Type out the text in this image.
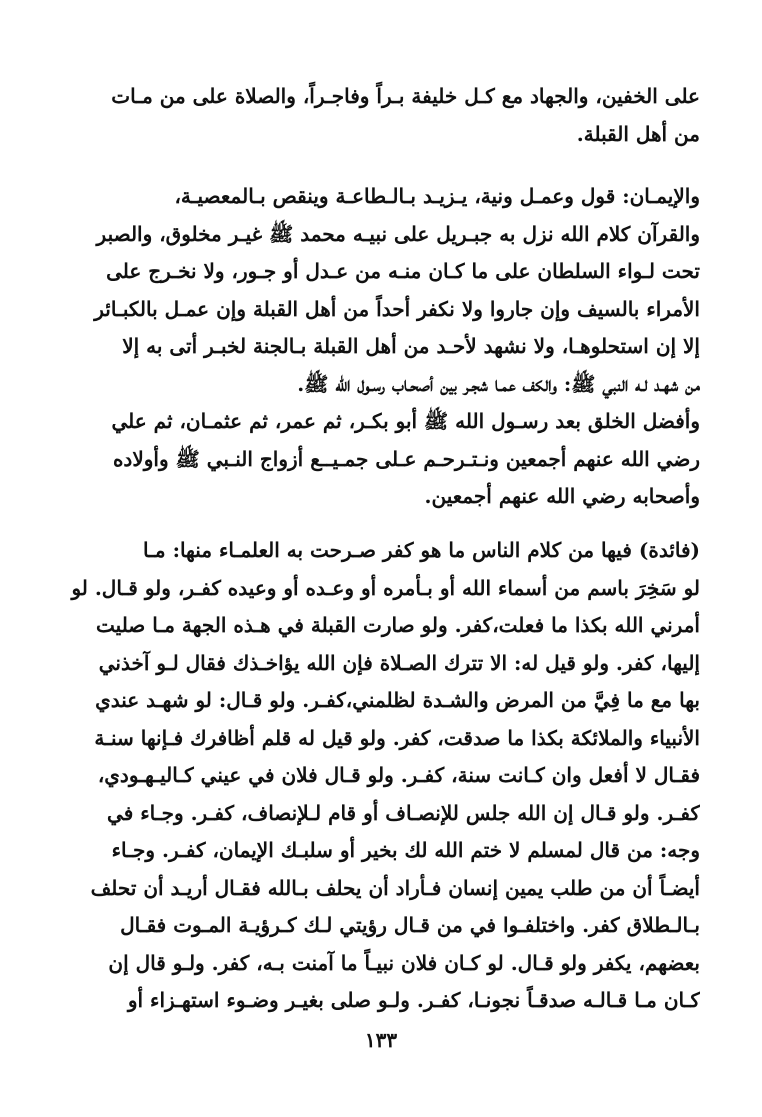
على الخفين، والجهاد مع كـل خليفة بـراً وفاجـراً، والصلاة على من مـات
من أهل القبلة.
والإيمـان: قول وعمـل ونية، يـزيـد بـالـطاعـة وينقص بـالمعصيـة،
والقرآن كلام الله نزل به جبـريل على نبيـه محمد ﷺ غيـر مخلوق، والصبر
تحت لـواء السلطان على ما كـان منـه من عـدل أو جـور، ولا نخـرج على
الأمراء بالسيف وإن جاروا ولا نكفر أحداً من أهل القبلة وإن عمـل بالكبـائر
إلا إن استحلوهـا، ولا نشهد لأحـد من أهل القبلة بـالجنة لخبـر أتى به إلا
من شهـد لـه النبي ﷺ: والكف عمـا شجـر بين أصحـاب رسـول الله ﷺ.
وأفضل الخلق بعد رسـول الله ﷺ أبو بكـر، ثم عمر، ثم عثمـان، ثم علي
رضي الله عنهم أجمعين ونـتـرحـم عـلى جمـيــع أزواج النـبي ﷺ وأولاده
وأصحابه رضي الله عنهم أجمعين.
(فائدة) فيها من كلام الناس ما هو كفر صـرحت به العلمـاء منها: مـا
لو سَخِرَ باسم من أسماء الله أو بـأمره أو وعـده أو وعيده كفـر، ولو قـال. لو
أمرني الله بكذا ما فعلت،كفر. ولو صارت القبلة في هـذه الجهة مـا صليت
إليها، كفر. ولو قيل له: الا تترك الصـلاة فإن الله يؤاخـذك فقال لـو آخذني
بها مع ما فِيَّ من المرض والشـدة لظلمني،كفـر. ولو قـال: لو شهـد عندي
الأنبياء والملائكة بكذا ما صدقت، كفر. ولو قيل له قلم أظافرك فـإنها سنـة
فقـال لا أفعل وان كـانت سنة، كفـر. ولو قـال فلان في عيني كـاليـهـودي،
كفـر. ولو قـال إن الله جلس للإنصـاف أو قام لـلإنصاف، كفـر. وجـاء في
وجه: من قال لمسلم لا ختم الله لك بخير أو سلبـك الإيمان، كفـر. وجـاء
أيضـاً أن من طلب يمين إنسان فـأراد أن يحلف بـالله فقـال أريـد أن تحلف
بـالـطلاق كفر. واختلفـوا في من قـال رؤيتي لـك كـرؤيـة المـوت فقـال
بعضهم، يكفر ولو قـال. لو كـان فلان نبيـاً ما آمنت بـه، كفر. ولـو قال إن
كـان مـا قـالـه صدقـاً نجونـا، كفـر. ولـو صلى بغيـر وضـوء استهـزاء أو
١٣٣
